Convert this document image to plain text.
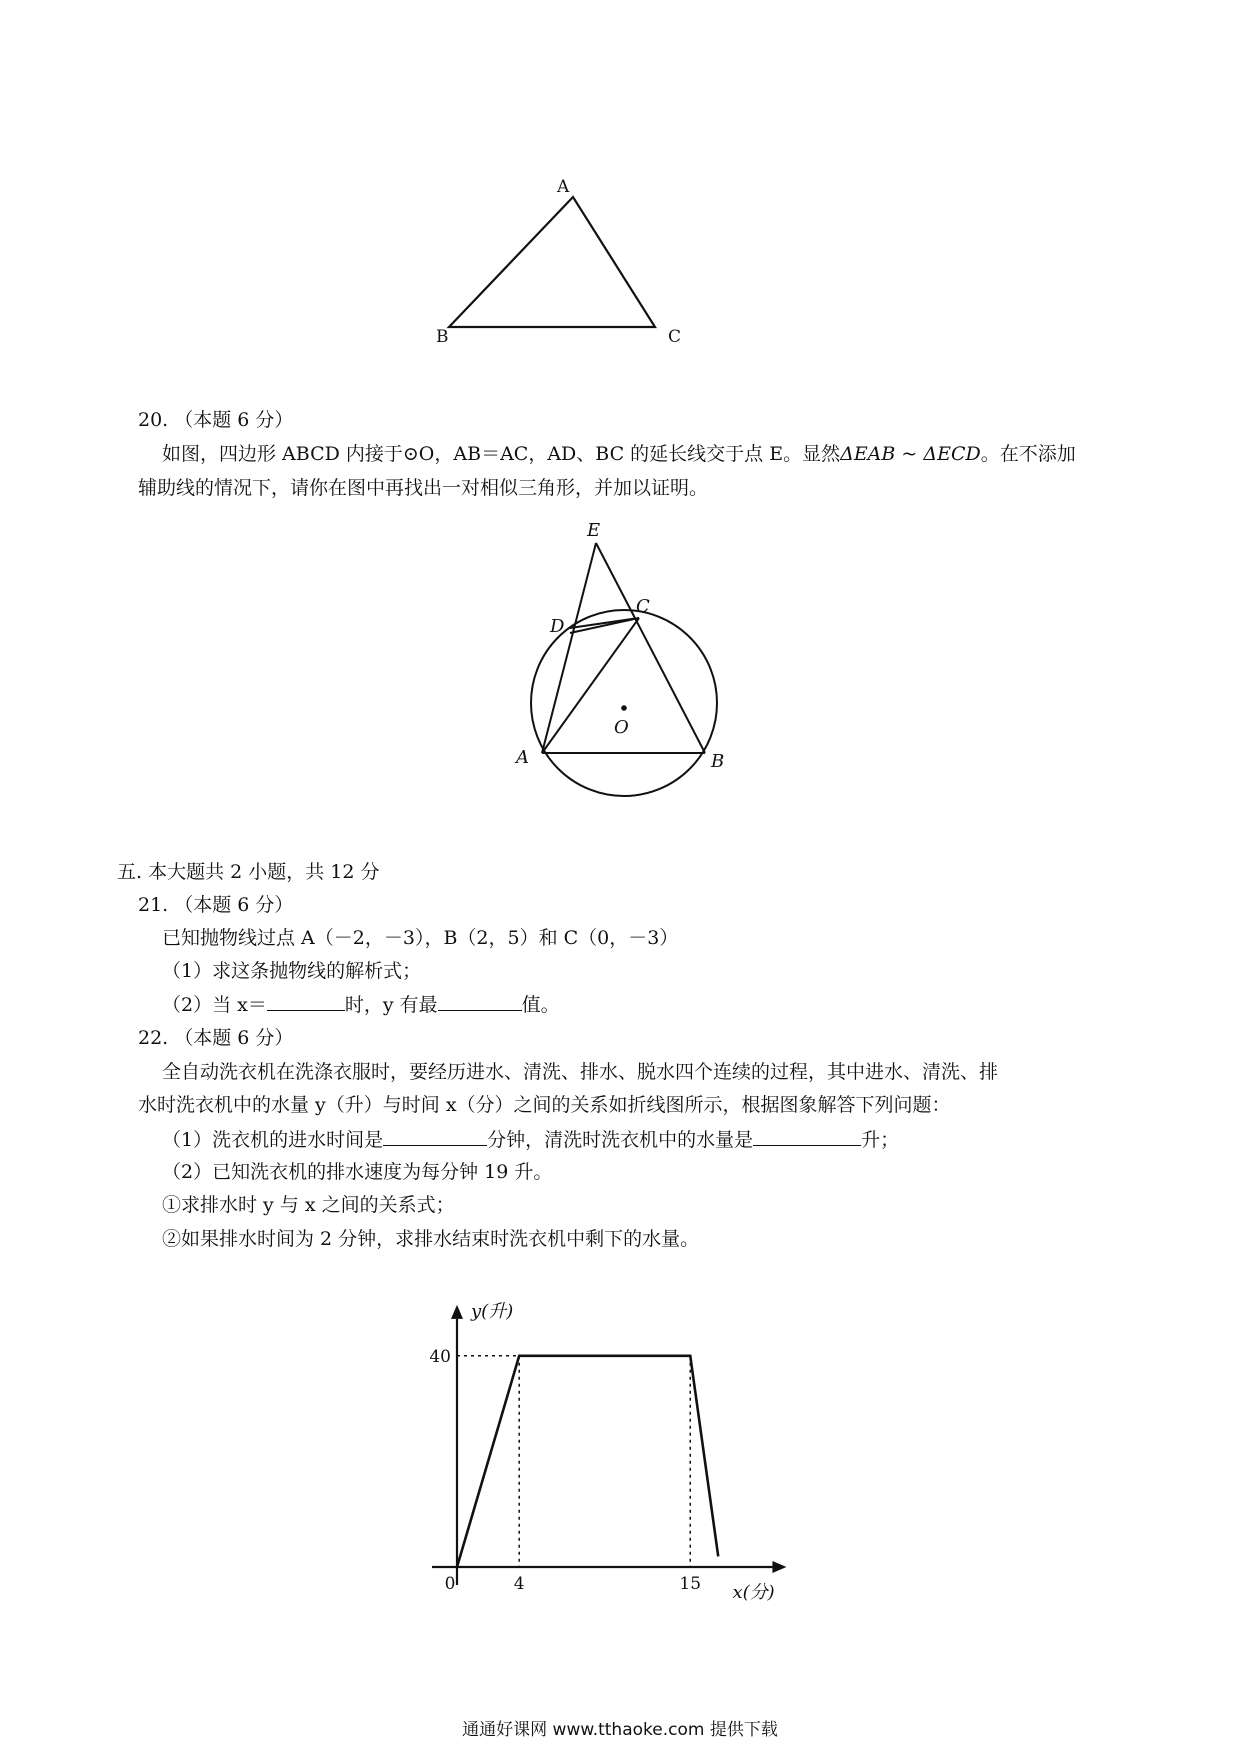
A
B	C
20. （本题 6 分）
如图，四边形 ABCD 内接于⊙O，AB＝AC，AD、BC 的延长线交于点 E。显然ΔEAB ~ ΔECD。在不添加
辅助线的情况下，请你在图中再找出一对相似三角形，并加以证明。
E
D
C
O
A	B
五. 本大题共 2 小题，共 12 分
21. （本题 6 分）
已知抛物线过点 A（－2，－3），B（2，5）和 C（0，－3）
（1）求这条抛物线的解析式；
（2）当 x＝	时，y 有最	值。
22. （本题 6 分）
全自动洗衣机在洗涤衣服时，要经历进水、清洗、排水、脱水四个连续的过程，其中进水、清洗、排
水时洗衣机中的水量 y（升）与时间 x（分）之间的关系如折线图所示，根据图象解答下列问题：
（1）洗衣机的进水时间是	分钟，清洗时洗衣机中的水量是	升；
（2）已知洗衣机的排水速度为每分钟 19 升。
①求排水时 y 与 x 之间的关系式；
②如果排水时间为 2 分钟，求排水结束时洗衣机中剩下的水量。
4	15
40
0
y(升)
x(分)
通通好课网 www.tthaoke.com 提供下载
